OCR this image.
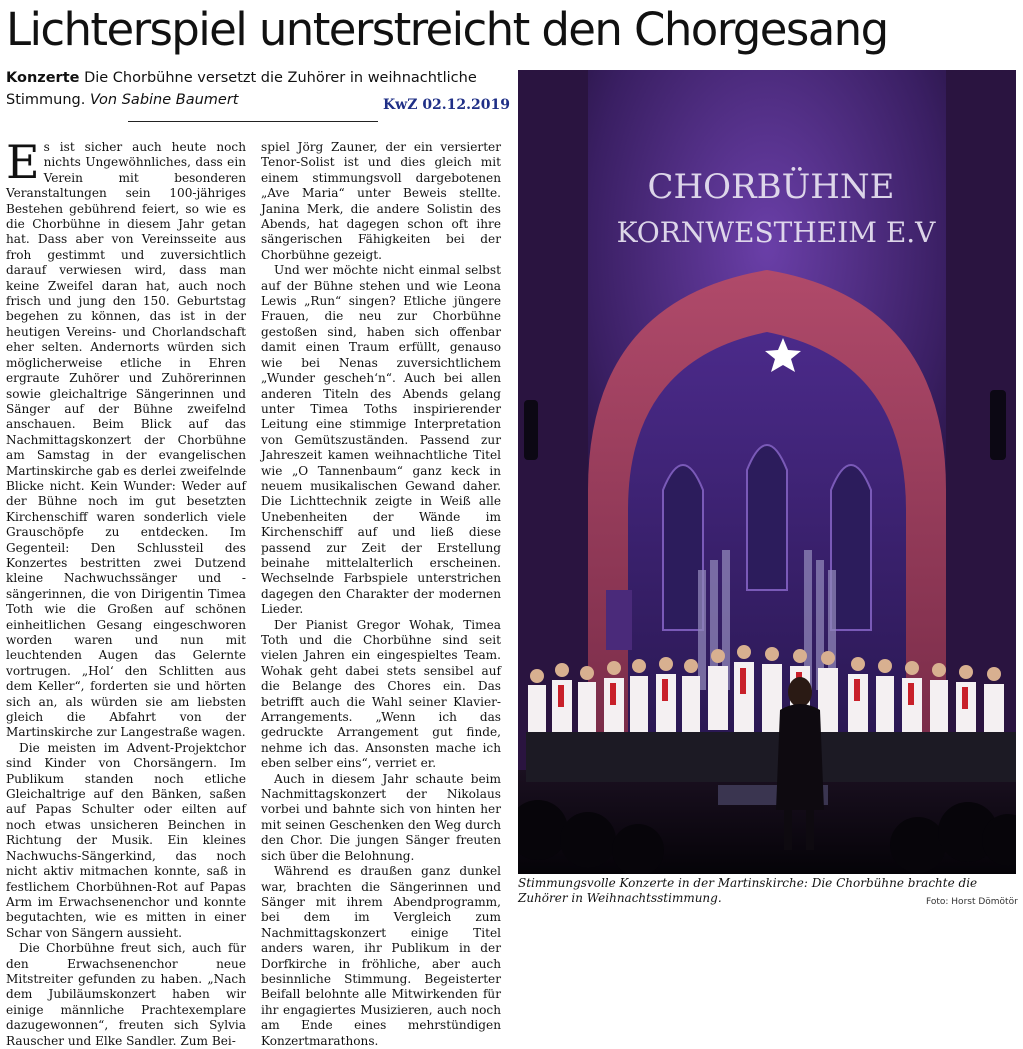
Lichterspiel unterstreicht den Chorgesang
Konzerte Die Chorbühne versetzt die Zuhörer in weihnachtliche Stimmung. Von Sabine Baumert	KwZ 02.12.2019

Es ist sicher auch heute noch nichts Ungewöhnliches, dass ein Verein mit besonderen Veranstaltungen sein 100-jähriges Bestehen gebührend feiert, so wie es die Chorbühne in diesem Jahr getan hat. Dass aber von Vereinsseite aus froh gestimmt und zuversichtlich darauf verwiesen wird, dass man keine Zweifel daran hat, auch noch frisch und jung den 150. Geburtstag begehen zu können, das ist in der heutigen Vereins- und Chorlandschaft eher selten. Andernorts würden sich möglicherweise etliche in Ehren ergraute Zuhörer und Zuhörerinnen sowie gleichaltrige Sängerinnen und Sänger auf der Bühne zweifelnd anschauen. Beim Blick auf das Nachmittagskonzert der Chorbühne am Samstag in der evangelischen Martinskirche gab es derlei zweifelnde Blicke nicht. Kein Wunder: Weder auf der Bühne noch im gut besetzten Kirchenschiff waren sonderlich viele Grauschöpfe zu entdecken. Im Gegenteil: Den Schlussteil des Konzertes bestritten zwei Dutzend kleine Nachwuchssänger und -sängerinnen, die von Dirigentin Timea Toth wie die Großen auf schönen einheitlichen Gesang eingeschworen worden waren und nun mit leuchtenden Augen das Gelernte vortrugen. „Hol‘ den Schlitten aus dem Keller“, forderten sie und hörten sich an, als würden sie am liebsten gleich die Abfahrt von der Martinskirche zur Langestraße wagen.

Die meisten im Advent-Projektchor sind Kinder von Chorsängern. Im Publikum standen noch etliche Gleichaltrige auf den Bänken, saßen auf Papas Schulter oder eilten auf noch etwas unsicheren Beinchen in Richtung der Musik. Ein kleines Nachwuchs-Sängerkind, das noch nicht aktiv mitmachen konnte, saß in festlichem Chorbühnen-Rot auf Papas Arm im Erwachsenenchor und konnte begutachten, wie es mitten in einer Schar von Sängern aussieht.

Die Chorbühne freut sich, auch für den Erwachsenenchor neue Mitstreiter gefunden zu haben. „Nach dem Jubiläumskonzert haben wir einige männliche Prachtexemplare dazugewonnen“, freuten sich Sylvia Rauscher und Elke Sandler. Zum Bei-

spiel Jörg Zauner, der ein versierter Tenor-Solist ist und dies gleich mit einem stimmungsvoll dargebotenen „Ave Maria“ unter Beweis stellte. Janina Merk, die andere Solistin des Abends, hat dagegen schon oft ihre sängerischen Fähigkeiten bei der Chorbühne gezeigt.

Und wer möchte nicht einmal selbst auf der Bühne stehen und wie Leona Lewis „Run“ singen? Etliche jüngere Frauen, die neu zur Chorbühne gestoßen sind, haben sich offenbar damit einen Traum erfüllt, genauso wie bei Nenas zuversichtlichem „Wunder gescheh‘n“. Auch bei allen anderen Titeln des Abends gelang unter Timea Toths inspirierender Leitung eine stimmige Interpretation von Gemütszuständen. Passend zur Jahreszeit kamen weihnachtliche Titel wie „O Tannenbaum“ ganz keck in neuem musikalischen Gewand daher. Die Lichttechnik zeigte in Weiß alle Unebenheiten der Wände im Kirchenschiff auf und ließ diese passend zur Zeit der Erstellung beinahe mittelalterlich erscheinen. Wechselnde Farbspiele unterstrichen dagegen den Charakter der modernen Lieder.

Der Pianist Gregor Wohak, Timea Toth und die Chorbühne sind seit vielen Jahren ein eingespieltes Team. Wohak geht dabei stets sensibel auf die Belange des Chores ein. Das betrifft auch die Wahl seiner Klavier-Arrangements. „Wenn ich das gedruckte Arrangement gut finde, nehme ich das. Ansonsten mache ich eben selber eins“, verriet er.

Auch in diesem Jahr schaute beim Nachmittagskonzert der Nikolaus vorbei und bahnte sich von hinten her mit seinen Geschenken den Weg durch den Chor. Die jungen Sänger freuten sich über die Belohnung.

Während es draußen ganz dunkel war, brachten die Sängerinnen und Sänger mit ihrem Abendprogramm, bei dem im Vergleich zum Nachmittagskonzert einige Titel anders waren, ihr Publikum in der Dorfkirche in fröhliche, aber auch besinnliche Stimmung. Begeisterter Beifall belohnte alle Mitwirkenden für ihr engagiertes Musizieren, auch noch am Ende eines mehrstündigen Konzertmarathons.

CHORBÜHNE
KORNWESTHEIM E.V
Stimmungsvolle Konzerte in der Martinskirche: Die Chorbühne brachte die Zuhörer in Weihnachtsstimmung.	Foto: Horst Dömötör
